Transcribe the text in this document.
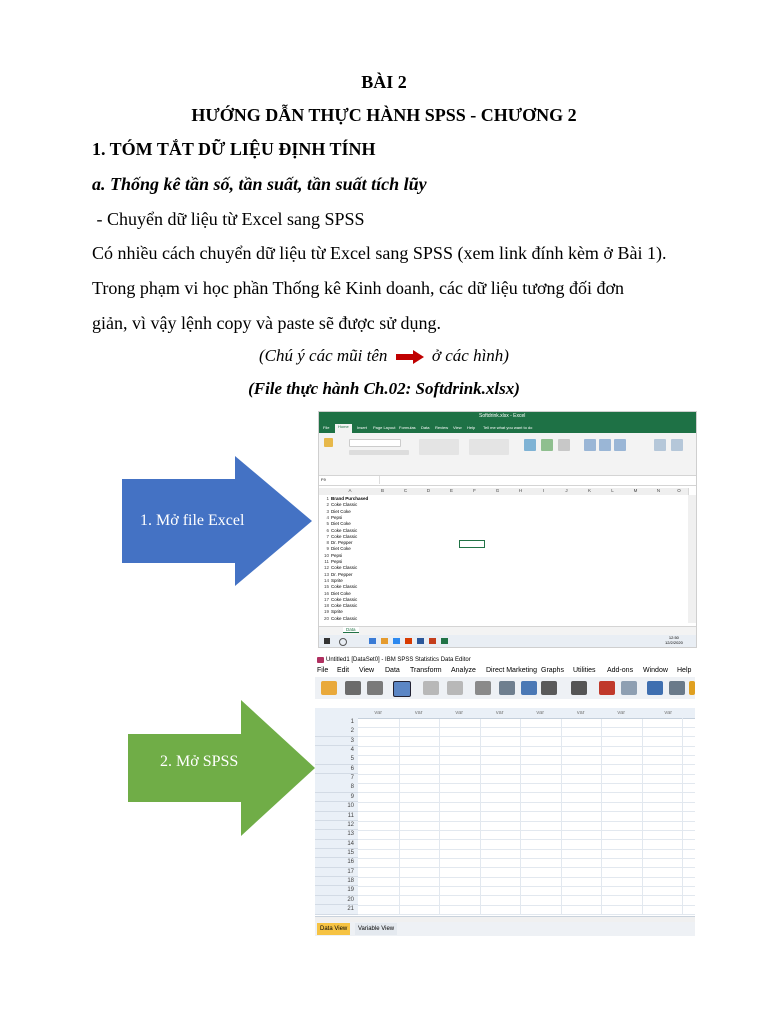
BÀI 2
HƯỚNG DẪN THỰC HÀNH SPSS - CHƯƠNG 2
1. TÓM TẮT DỮ LIỆU ĐỊNH TÍNH
a. Thống kê tần số, tần suất, tần suất tích lũy
- Chuyển dữ liệu từ Excel sang SPSS
Có nhiều cách chuyển dữ liệu từ Excel sang SPSS (xem link đính kèm ở Bài 1).
Trong phạm vi học phần Thống kê Kinh doanh, các dữ liệu tương đối đơn
giản, vì vậy lệnh copy và paste sẽ được sử dụng.
(Chú ý các mũi tên	ở các hình)
(File thực hành Ch.02: Softdrink.xlsx)
1. Mở file Excel
2. Mở SPSS
Softdrink.xlsx - Excel
File	Home	Insert Page Layout Formulas Data Review View Help Tell me what you want to do
F9
A	B	C	D	E	F	G	H	I	J	K	L	M	N	O
1 Brand Purchased
2 Coke Classic
3 Diet Coke
4 Pepsi
5 Diet Coke
6 Coke Classic
7 Coke Classic
8 Dr. Pepper
9 Diet Coke
10 Pepsi
11 Pepsi
12 Coke Classic
13 Dr. Pepper
14 Sprite
15 Coke Classic
16 Diet Coke
17 Coke Classic
18 Coke Classic
19 Sprite
20 Coke Classic
Data
12:50
12/2/2020
Untitled1 [DataSet0] - IBM SPSS Statistics Data Editor
File Edit View Data Transform Analyze Direct Marketing Graphs Utilities Add-ons Window Help
var	var	var	var	var	var	var	var
1
2
3
4
5
6
7
8
9
10
11
12
13
14
15
16
17
18
19
20
21
Data View	Variable View
